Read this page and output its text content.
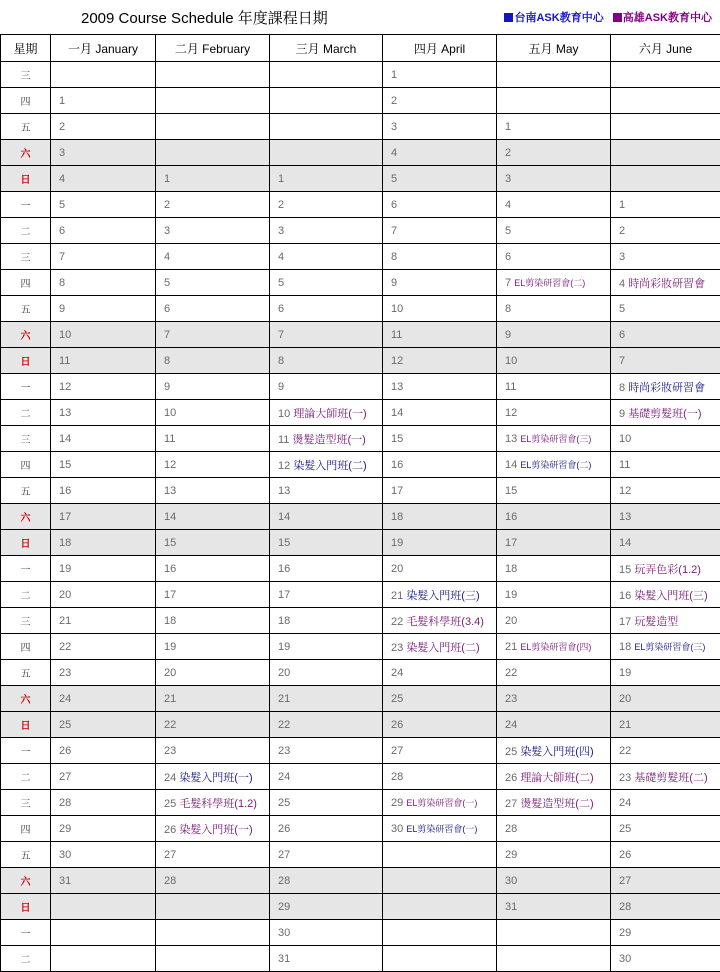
2009 Course Schedule 年度課程日期	台南ASK教育中心 高雄ASK教育中心
星期	一月 January	二月 February	三月 March	四月 April	五月 May	六月 June
三				1		
四	1			2		
五	2			3	1	
六	3			4	2	
日	4	1	1	5	3	
一	5	2	2	6	4	1
二	6	3	3	7	5	2
三	7	4	4	8	6	3
四	8	5	5	9	7 EL剪染研習會(二)	4 時尚彩妝研習會
五	9	6	6	10	8	5
六	10	7	7	11	9	6
日	11	8	8	12	10	7
一	12	9	9	13	11	8 時尚彩妝研習會
二	13	10	10 理論大師班(一)	14	12	9 基礎剪髮班(一)
三	14	11	11 燙髮造型班(一)	15	13 EL剪染研習會(三)	10
四	15	12	12 染髮入門班(二)	16	14 EL剪染研習會(二)	11
五	16	13	13	17	15	12
六	17	14	14	18	16	13
日	18	15	15	19	17	14
一	19	16	16	20	18	15 玩弄色彩(1.2)
二	20	17	17	21 染髮入門班(三)	19	16 染髮入門班(三)
三	21	18	18	22 毛髮科學班(3.4)	20	17 玩髮造型
四	22	19	19	23 染髮入門班(二)	21 EL剪染研習會(四)	18 EL剪染研習會(三)
五	23	20	20	24	22	19
六	24	21	21	25	23	20
日	25	22	22	26	24	21
一	26	23	23	27	25 染髮入門班(四)	22
二	27	24 染髮入門班(一)	24	28	26 理論大師班(二)	23 基礎剪髮班(二)
三	28	25 毛髮科學班(1.2)	25	29 EL剪染研習會(一)	27 燙髮造型班(二)	24
四	29	26 染髮入門班(一)	26	30 EL剪染研習會(一)	28	25
五	30	27	27		29	26
六	31	28	28		30	27
日			29		31	28
一			30			29
二			31			30
